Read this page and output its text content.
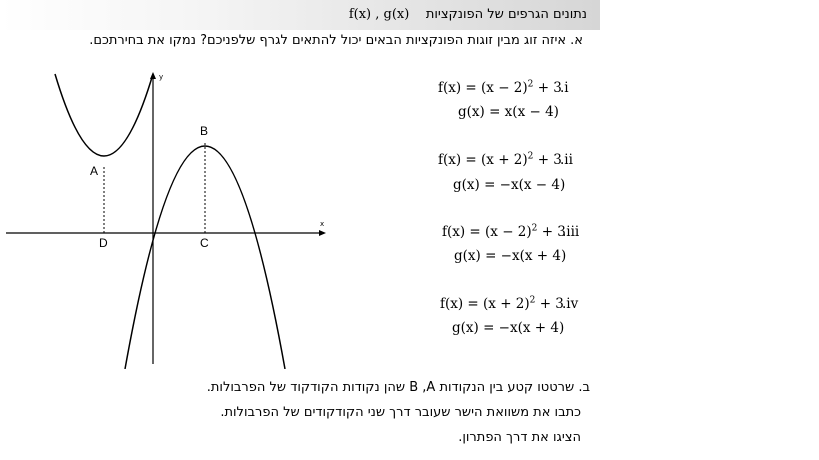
נתונים הגרפים של הפונקציות    f(x) , g(x)
א. איזה זוג מבין זוגות הפונקציות הבאים יכול להתאים לגרף שלפניכם? נמקו את בחירתכם.
x
y
A
B
C
D
$f(x) = (x - 2)^2 + 3$
.i
g(x) = x(x − 4)
$f(x) = (x + 2)^2 + 3$
.ii
g(x) = −x(x − 4)
$f(x) = (x - 2)^2 + 3$
.iii
g(x) = −x(x + 4)
$f(x) = (x + 2)^2 + 3$
.iv
g(x) = −x(x + 4)
ב. שרטטו קטע בין הנקודות B ,A שהן נקודות הקודקוד של הפרבולות.
כתבו את משוואת הישר שעובר דרך שני הקודקודים של הפרבולות.
הציגו את דרך הפתרון.
